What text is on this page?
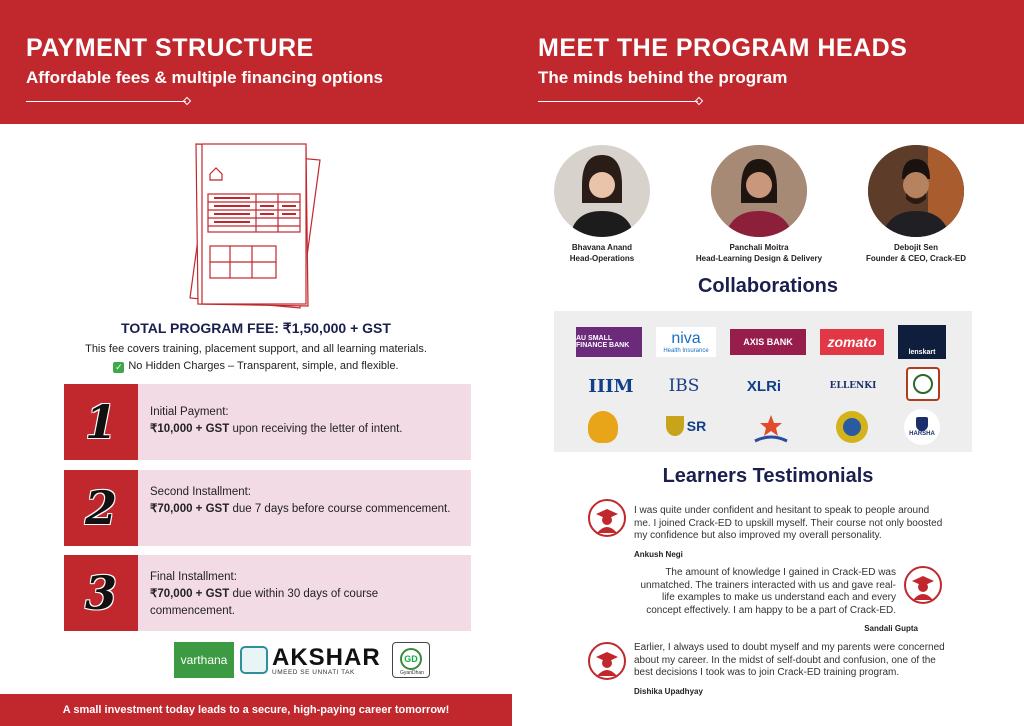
PAYMENT STRUCTURE
Affordable fees & multiple financing options
TOTAL PROGRAM FEE: ₹1,50,000 + GST
This fee covers training, placement support, and all learning materials.
✓ No Hidden Charges – Transparent, simple, and flexible.
1	Initial Payment:
₹10,000 + GST upon receiving the letter of intent.
2	Second Installment:
₹70,000 + GST due 7 days before course commencement.
3	Final Installment:
₹70,000 + GST due within 30 days of course commencement.
varthana AKSHAR
UMEED SE UNNATI TAK
GD
GyanDhan
A small investment today leads to a secure, high-paying career tomorrow!
MEET THE PROGRAM HEADS
The minds behind the program
Bhavana Anand
Head-Operations
Panchali Moitra
Head-Learning Design & Delivery
Debojit Sen
Founder & CEO, Crack-ED
Collaborations
AU SMALL FINANCE BANK	niva
Health Insurance
AXIS BANK	zomato
lenskart
IIIM	IBS	XLRi	ELLENKI
SR	HARSHA
Learners Testimonials
I was quite under confident and hesitant to speak to people around me. I joined Crack-ED to upskill myself. Their course not only boosted my confidence but also improved my overall personality.
Ankush Negi
The amount of knowledge I gained in Crack-ED was unmatched. The trainers interacted with us and gave real-life examples to make us understand each and every concept effectively. I am happy to be a part of Crack-ED.
Sandali Gupta
Earlier, I always used to doubt myself and my parents were concerned about my career. In the midst of self-doubt and confusion, one of the best decisions I took was to join Crack-ED training program.
Dishika Upadhyay
